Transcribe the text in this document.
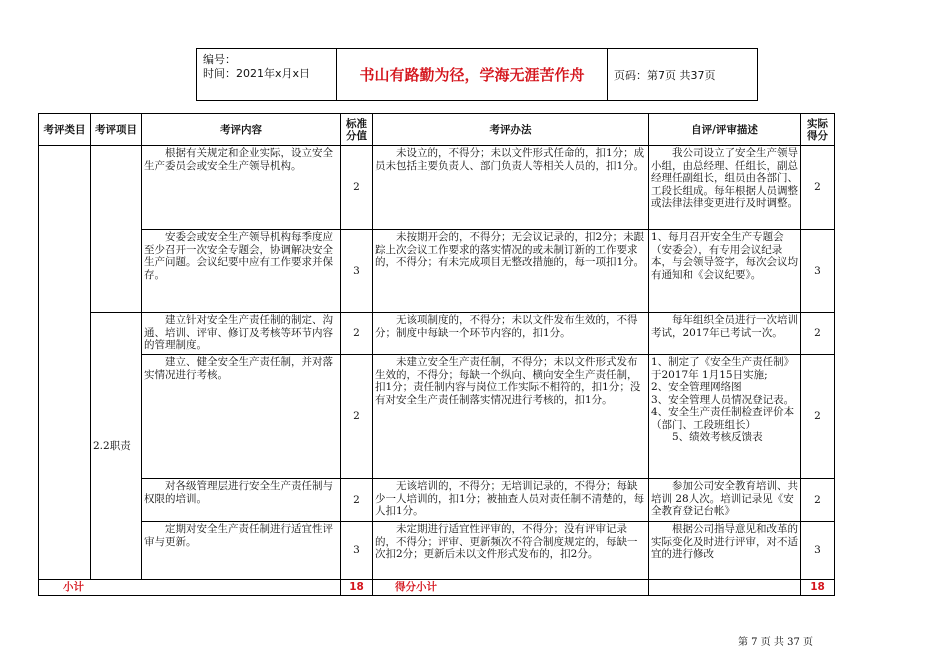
编号：
时间：2021年x月x日	书山有路勤为径，学海无涯苦作舟	页码：第7页 共37页
考评类目	考评项目	考评内容	标准分值	考评办法	自评/评审描述	实际得分
		根据有关规定和企业实际，设立安全生产委员会或安全生产领导机构。	2	未设立的，不得分；未以文件形式任命的，扣1分；成员未包括主要负责人、部门负责人等相关人员的，扣1分。	我公司设立了安全生产领导小组，由总经理、任组长，副总经理任副组长，组员由各部门、工段长组成。每年根据人员调整或法律法律变更进行及时调整。	2
		安委会或安全生产领导机构每季度应至少召开一次安全专题会，协调解决安全生产问题。会议纪要中应有工作要求并保存。	3	未按期开会的，不得分；无会议记录的，扣2分；未跟踪上次会议工作要求的落实情况的或未制订新的工作要求的，不得分；有未完成项目无整改措施的，每一项扣1分。	1、每月召开安全生产专题会（安委会），有专用会议纪录本，与会领导签字，每次会议均有通知和《会议纪要》。	3
	2.2职责	建立针对安全生产责任制的制定、沟通、培训、评审、修订及考核等环节内容的管理制度。	2	无该项制度的，不得分；未以文件发布生效的，不得分；制度中每缺一个环节内容的，扣1分。	每年组织全员进行一次培训考试，2017年已考试一次。	2
		建立、健全安全生产责任制，并对落实情况进行考核。	2	未建立安全生产责任制，不得分；未以文件形式发布生效的，不得分；每缺一个纵向、横向安全生产责任制，扣1分；责任制内容与岗位工作实际不相符的，扣1分；没有对安全生产责任制落实情况进行考核的，扣1分。	1、制定了《安全生产责任制》于2017年 1月15日实施;
2、安全管理网络图
3、安全管理人员情况登记表。
4、安全生产责任制检查评价本（部门、工段班组长）
5、绩效考核反馈表	2
		对各级管理层进行安全生产责任制与权限的培训。	2	无该培训的，不得分；无培训记录的，不得分；每缺少一人培训的，扣1分；被抽查人员对责任制不清楚的，每人扣1分。	参加公司安全教育培训、共培训 28人次。培训记录见《安全教育登记台帐》	2
		定期对安全生产责任制进行适宜性评审与更新。	3	未定期进行适宜性评审的，不得分；没有评审记录的，不得分；评审、更新频次不符合制度规定的，每缺一次扣2分；更新后未以文件形式发布的，扣2分。	根据公司指导意见和改革的实际变化及时进行评审，对不适宜的进行修改	3
小计			18	得分小计		18
第 7 页 共 37 页
